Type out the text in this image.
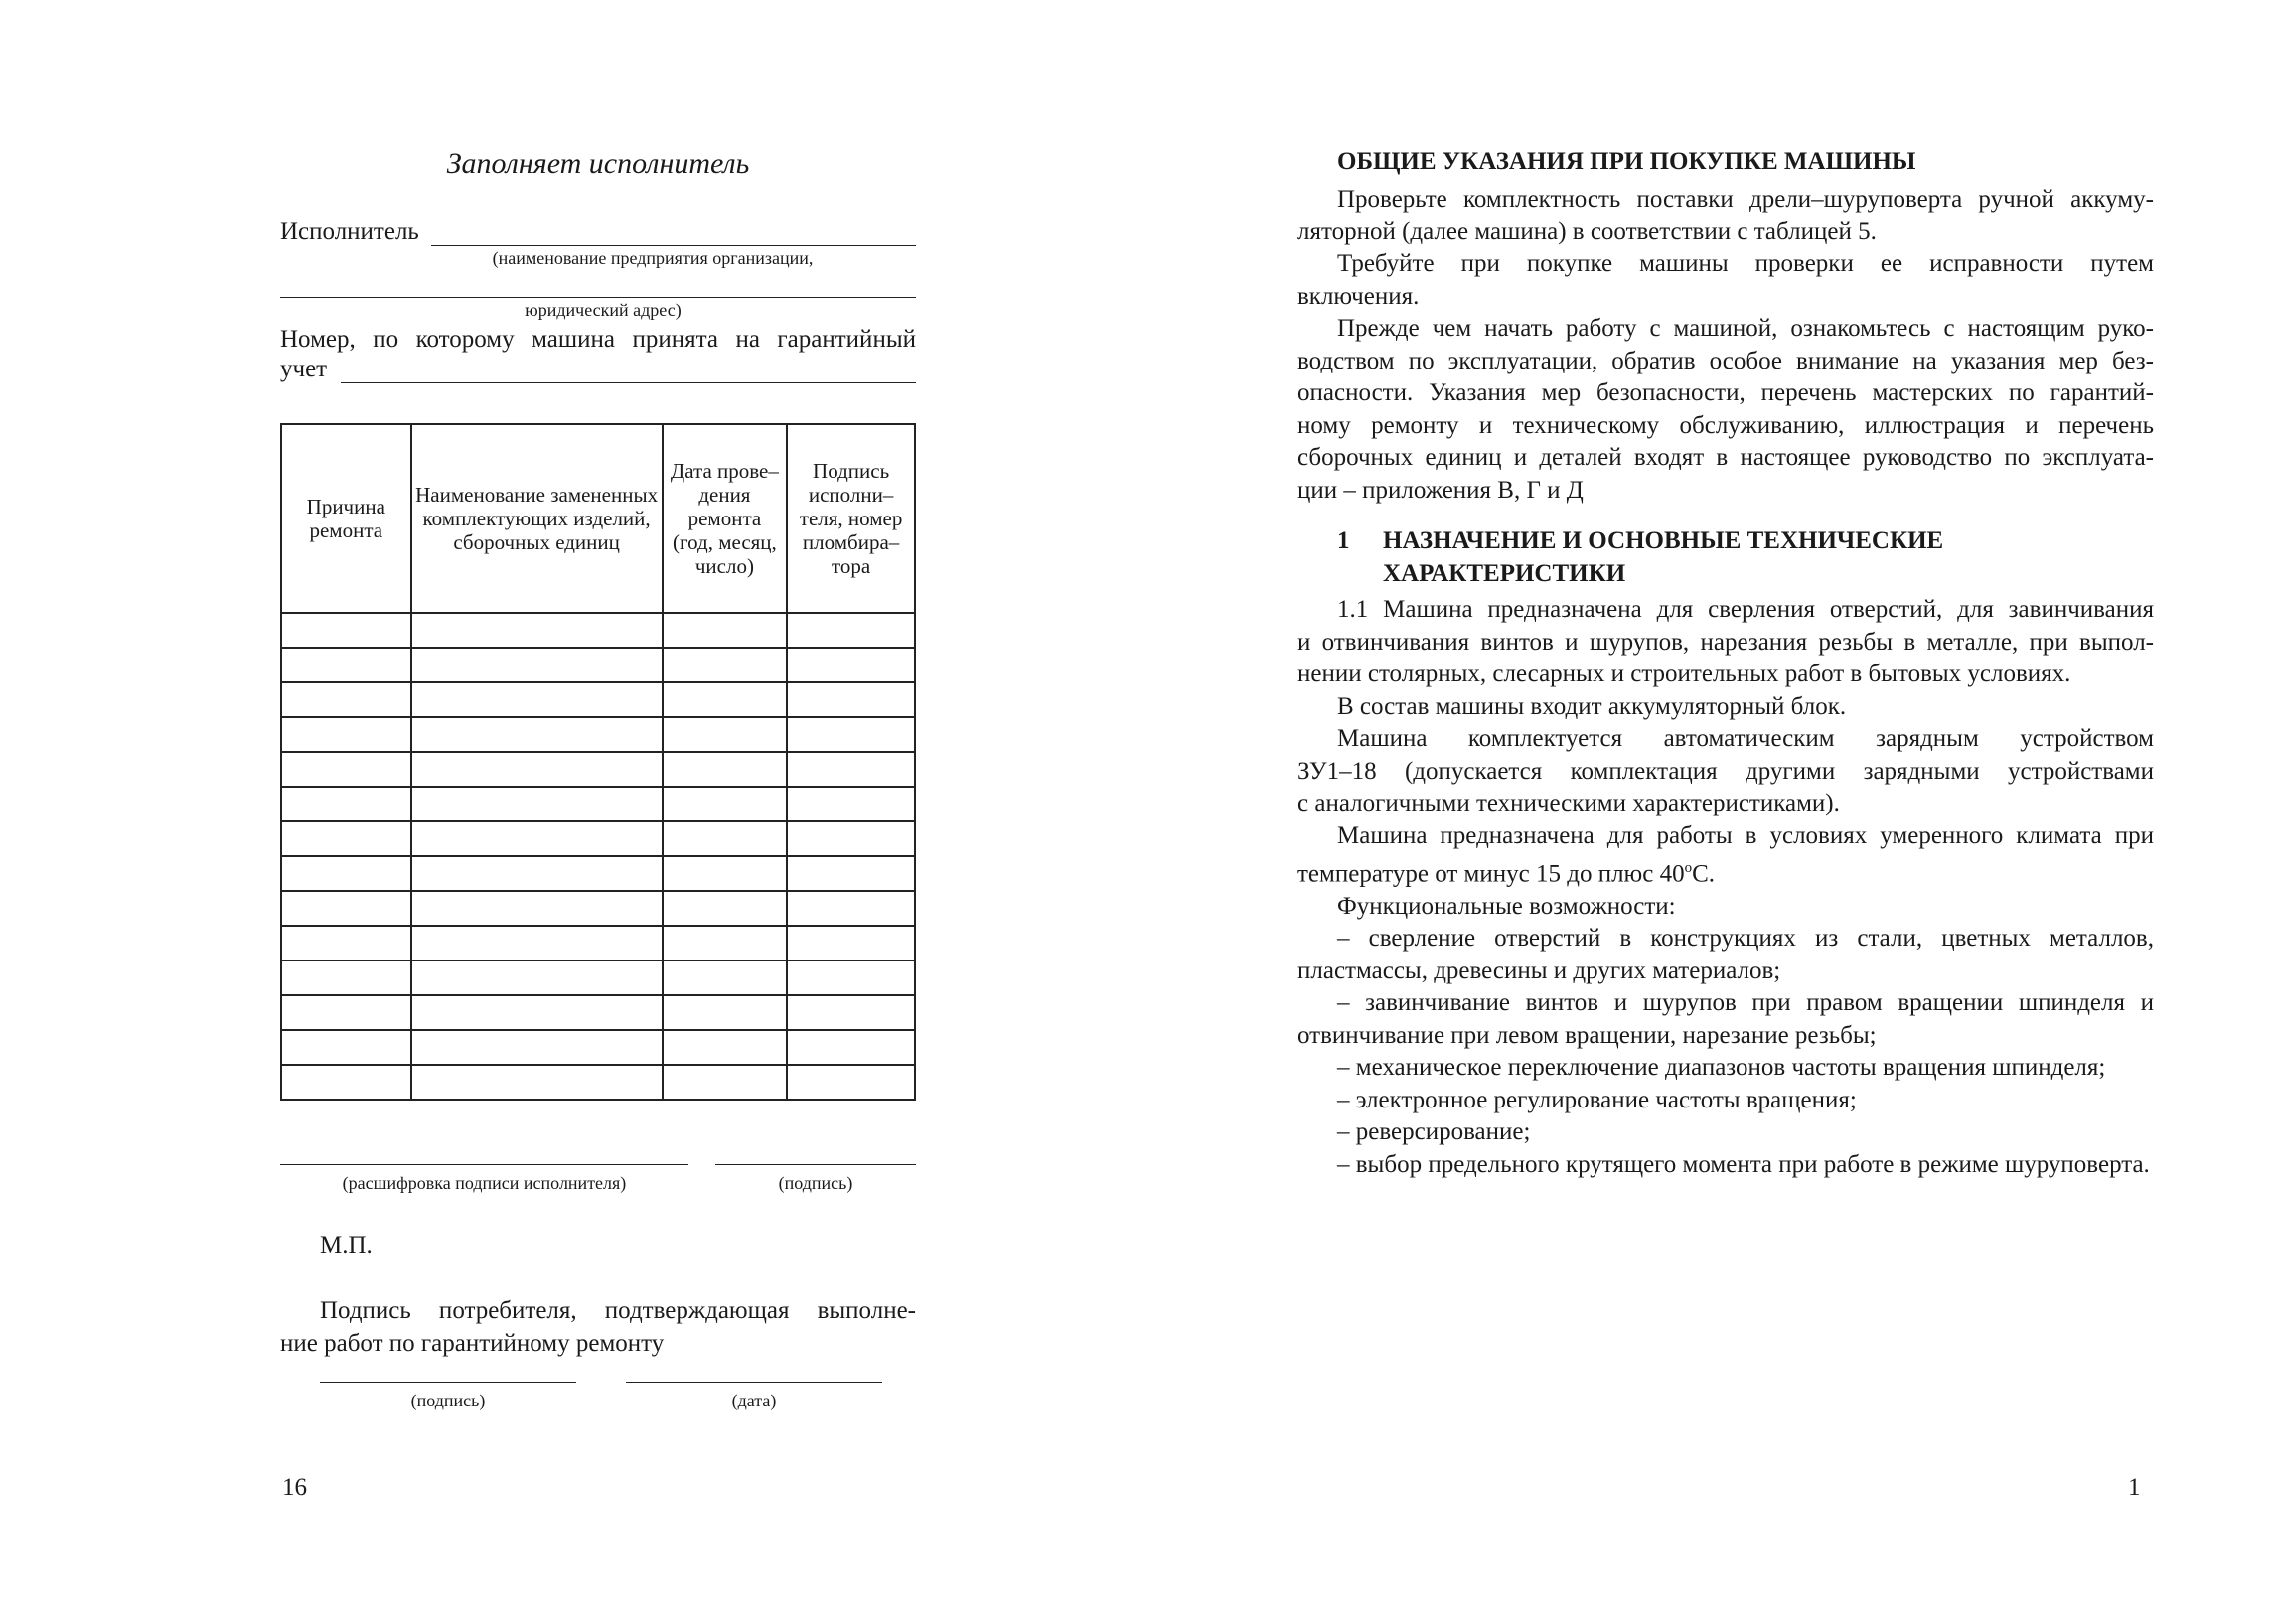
Заполняет исполнитель
Исполнитель
(наименование предприятия организации,
юридический адрес)
Номер, по которому машина принята на гарантийный
учет
Причина ремонта	Наименование замененных комплектующих изделий, сборочных единиц	Дата прове–дения ремонта (год, месяц, число)	Подпись исполни–теля, номер пломбира–тора

(расшифровка подписи исполнителя)	(подпись)
М.П.
Подпись потребителя, подтверждающая выполне-
ние работ по гарантийному ремонту
(подпись)	(дата)
16
ОБЩИЕ УКАЗАНИЯ ПРИ ПОКУПКЕ МАШИНЫ

Проверьте комплектность поставки дрели–шуруповерта ручной аккуму-

ляторной (далее машина) в соответствии с таблицей 5.

Требуйте при покупке машины проверки ее исправности путем

включения.

Прежде чем начать работу с машиной, ознакомьтесь с настоящим руко-

водством по эксплуатации, обратив особое внимание на указания мер без-

опасности. Указания мер безопасности, перечень мастерских по гарантий-

ному ремонту и техническому обслуживанию, иллюстрация и перечень

сборочных единиц и деталей входят в настоящее руководство по эксплуата-

ции – приложения В, Г и Д

1	НАЗНАЧЕНИЕ И ОСНОВНЫЕ ТЕХНИЧЕСКИЕ
ХАРАКТЕРИСТИКИ

1.1 Машина предназначена для сверления отверстий, для завинчивания

и отвинчивания винтов и шурупов, нарезания резьбы в металле, при выпол-

нении столярных, слесарных и строительных работ в бытовых условиях.

В состав машины входит аккумуляторный блок.

Машина комплектуется автоматическим зарядным устройством

ЗУ1–18 (допускается комплектация другими зарядными устройствами

с аналогичными техническими характеристиками).

Машина предназначена для работы в условиях умеренного климата при

температуре от минус 15 до плюс $40^оС$.

Функциональные возможности:

– сверление отверстий в конструкциях из стали, цветных металлов,

пластмассы, древесины и других материалов;

– завинчивание винтов и шурупов при правом вращении шпинделя и

отвинчивание при левом вращении, нарезание резьбы;

– механическое переключение диапазонов частоты вращения шпинделя;

– электронное регулирование частоты вращения;

– реверсирование;

– выбор предельного крутящего момента при работе в режиме шуруповерта.

1
